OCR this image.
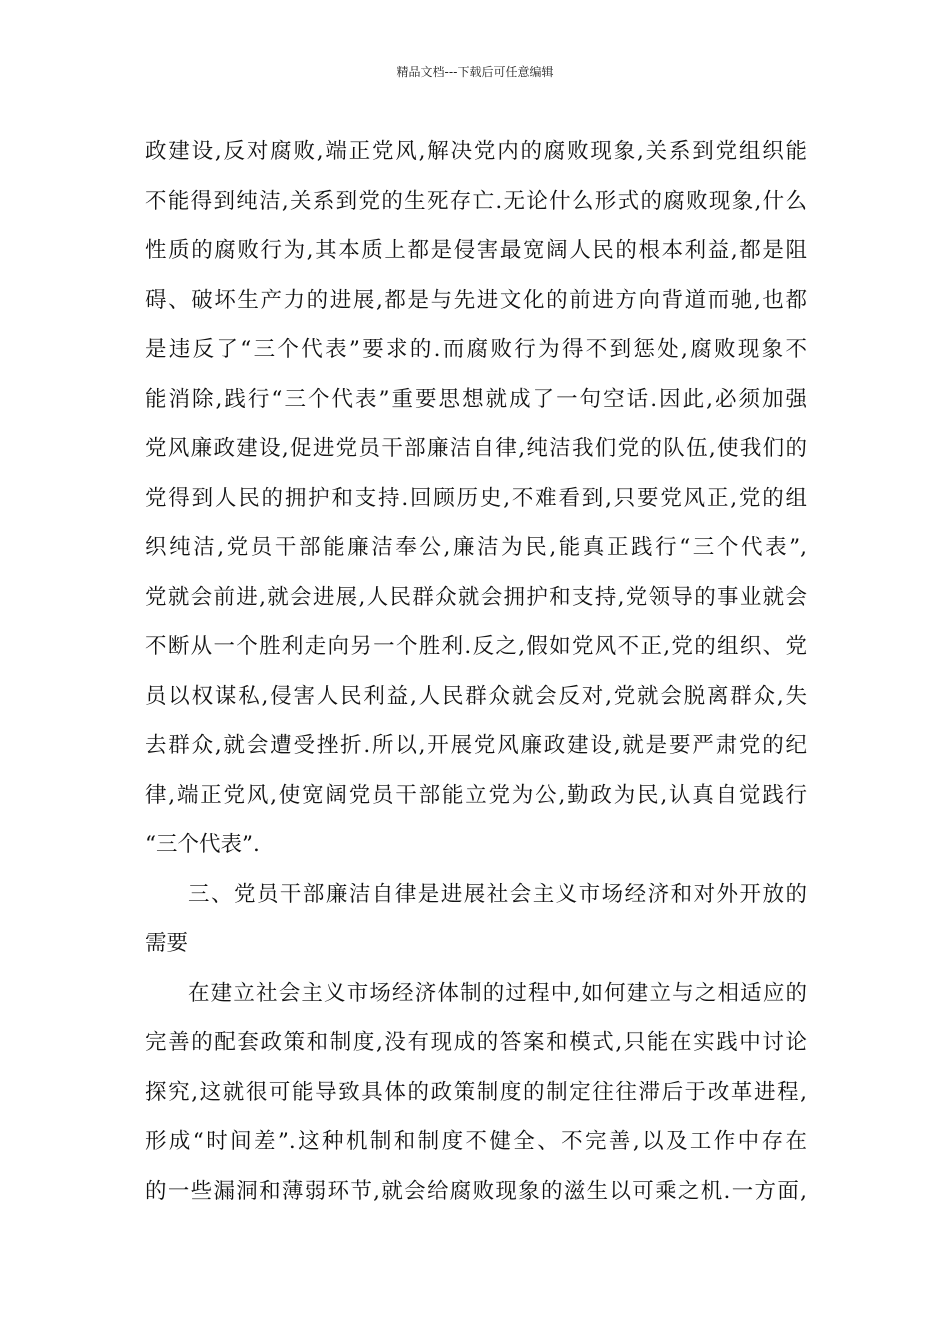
精品文档---下载后可任意编辑
政建设,反对腐败,端正党风,解决党内的腐败现象,关系到党组织能
不能得到纯洁,关系到党的生死存亡.无论什么形式的腐败现象,什么
性质的腐败行为,其本质上都是侵害最宽阔人民的根本利益,都是阻
碍、破坏生产力的进展,都是与先进文化的前进方向背道而驰,也都
是违反了“三个代表”要求的.而腐败行为得不到惩处,腐败现象不
能消除,践行“三个代表”重要思想就成了一句空话.因此,必须加强
党风廉政建设,促进党员干部廉洁自律,纯洁我们党的队伍,使我们的
党得到人民的拥护和支持.回顾历史,不难看到,只要党风正,党的组
织纯洁,党员干部能廉洁奉公,廉洁为民,能真正践行“三个代表”,
党就会前进,就会进展,人民群众就会拥护和支持,党领导的事业就会
不断从一个胜利走向另一个胜利.反之,假如党风不正,党的组织、党
员以权谋私,侵害人民利益,人民群众就会反对,党就会脱离群众,失
去群众,就会遭受挫折.所以,开展党风廉政建设,就是要严肃党的纪
律,端正党风,使宽阔党员干部能立党为公,勤政为民,认真自觉践行
“三个代表”.
三、党员干部廉洁自律是进展社会主义市场经济和对外开放的
需要
在建立社会主义市场经济体制的过程中,如何建立与之相适应的
完善的配套政策和制度,没有现成的答案和模式,只能在实践中讨论
探究,这就很可能导致具体的政策制度的制定往往滞后于改革进程,
形成“时间差”.这种机制和制度不健全、不完善,以及工作中存在
的一些漏洞和薄弱环节,就会给腐败现象的滋生以可乘之机.一方面,
